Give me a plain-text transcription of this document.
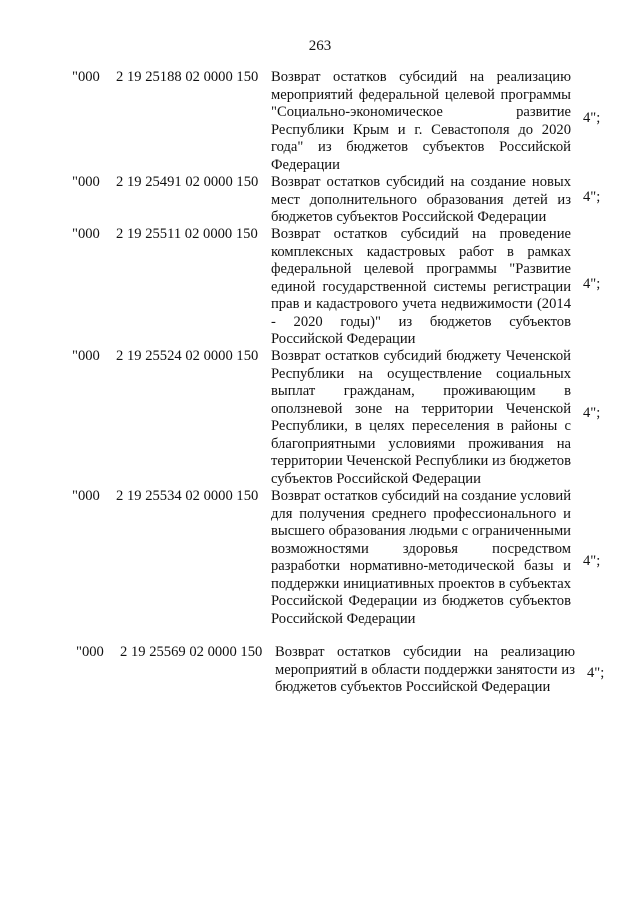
263
"000 2 19 25188 02 0000 150 Возврат остатков субсидий на реализацию мероприятий федеральной целевой программы "Социально-экономическое развитие Республики Крым и г. Севастополя до 2020 года" из бюджетов субъектов Российской Федерации
4";
"000 2 19 25491 02 0000 150 Возврат остатков субсидий на создание новых мест дополнительного образования детей из бюджетов субъектов Российской Федерации
4";
"000 2 19 25511 02 0000 150 Возврат остатков субсидий на проведение комплексных кадастровых работ в рамках федеральной целевой программы "Развитие единой государственной системы регистрации прав и кадастрового учета недвижимости (2014 - 2020 годы)" из бюджетов субъектов Российской Федерации
4";
"000 2 19 25524 02 0000 150 Возврат остатков субсидий бюджету Чеченской Республики на осуществление социальных выплат гражданам, проживающим в оползневой зоне на территории Чеченской Республики, в целях переселения в районы с благоприятными условиями проживания на территории Чеченской Республики из бюджетов субъектов Российской Федерации
4";
"000 2 19 25534 02 0000 150 Возврат остатков субсидий на создание условий для получения среднего профессионального и высшего образования людьми с ограниченными возможностями здоровья посредством разработки нормативно-методической базы и поддержки инициативных проектов в субъектах Российской Федерации из бюджетов субъектов Российской Федерации
4";
"000 2 19 25569 02 0000 150 Возврат остатков субсидии на реализацию мероприятий в области поддержки занятости из бюджетов субъектов Российской Федерации
4";
